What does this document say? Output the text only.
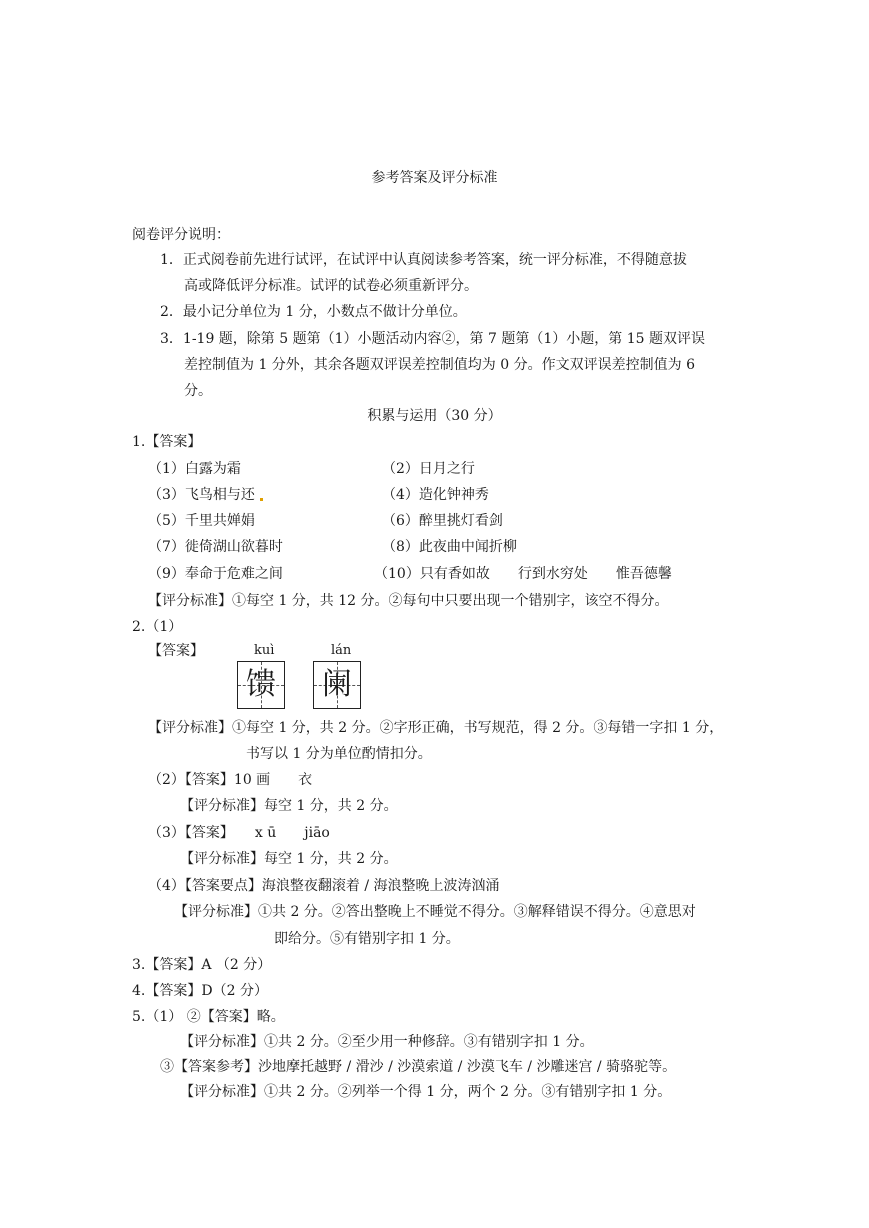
参考答案及评分标准
阅卷评分说明：
1．正式阅卷前先进行试评，在试评中认真阅读参考答案，统一评分标准，不得随意拔
高或降低评分标准。试评的试卷必须重新评分。
2．最小记分单位为 1 分，小数点不做计分单位。
3．1-19 题，除第 5 题第（1）小题活动内容②，第 7 题第（1）小题，第 15 题双评误
差控制值为 1 分外，其余各题双评误差控制值均为 0 分。作文双评误差控制值为 6
分。
积累与运用（30 分）
1.【答案】
（1）白露为霜	（2）日月之行
（3）飞鸟相与还	（4）造化钟神秀
（5）千里共婵娟	（6）醉里挑灯看剑
（7）徙倚湖山欲暮时	（8）此夜曲中闻折柳
（9）奉命于危难之间	（10）只有香如故　　行到水穷处　　惟吾德馨
【评分标准】①每空 1 分，共 12 分。②每句中只要出现一个错别字，该空不得分。
2.（1）
【答案】	kuì	lán
馈 阑
【评分标准】①每空 1 分，共 2 分。②字形正确，书写规范，得 2 分。③每错一字扣 1 分，
书写以 1 分为单位酌情扣分。
（2）【答案】10 画　　衣
【评分标准】每空 1 分，共 2 分。
（3）【答案】　　x ū　　jiāo
【评分标准】每空 1 分，共 2 分。
（4）【答案要点】海浪整夜翻滚着 / 海浪整晚上波涛汹涌
【评分标准】①共 2 分。②答出整晚上不睡觉不得分。③解释错误不得分。④意思对
即给分。⑤有错别字扣 1 分。
3.【答案】A （2 分）
4.【答案】D（2 分）
5.（1） ②【答案】略。
【评分标准】①共 2 分。②至少用一种修辞。③有错别字扣 1 分。
③【答案参考】沙地摩托越野 / 滑沙 / 沙漠索道 / 沙漠飞车 / 沙雕迷宫 / 骑骆驼等。
【评分标准】①共 2 分。②列举一个得 1 分，两个 2 分。③有错别字扣 1 分。
